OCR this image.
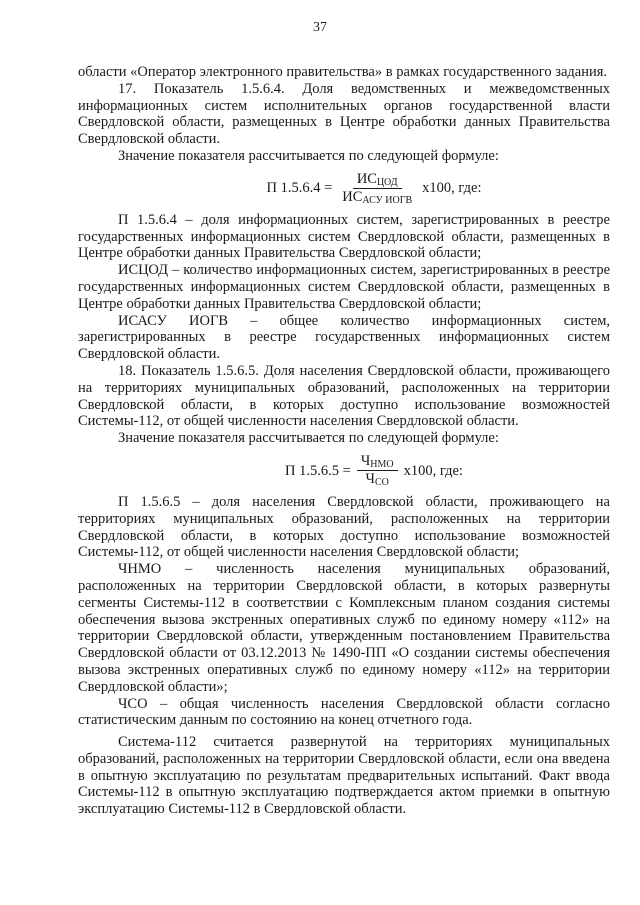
37

области «Оператор электронного правительства» в рамках государственного задания.

17. Показатель 1.5.6.4. Доля ведомственных и межведомственных информационных систем исполнительных органов государственной власти Свердловской области, размещенных в Центре обработки данных Правительства Свердловской области.

Значение показателя рассчитывается по следующей формуле:

П $1.5.6.4 = \frac{ИС_{ЦОД}}{ИС_{АСУ ИОГВ}} x100$, где:

П 1.5.6.4 – доля информационных систем, зарегистрированных в реестре государственных информационных систем Свердловской области, размещенных в Центре обработки данных Правительства Свердловской области;

ИСЦОД – количество информационных систем, зарегистрированных в реестре государственных информационных систем Свердловской области, размещенных в Центре обработки данных Правительства Свердловской области;

ИСАСУ ИОГВ – общее количество информационных систем, зарегистрированных в реестре государственных информационных систем Свердловской области.

18. Показатель 1.5.6.5. Доля населения Свердловской области, проживающего на территориях муниципальных образований, расположенных на территории Свердловской области, в которых доступно использование возможностей Системы-112, от общей численности населения Свердловской области.

Значение показателя рассчитывается по следующей формуле:

П $1.5.6.5 = \frac{Ч_{НМО}}{Ч_{СО}} x100$, где:

П 1.5.6.5 – доля населения Свердловской области, проживающего на территориях муниципальных образований, расположенных на территории Свердловской области, в которых доступно использование возможностей Системы-112, от общей численности населения Свердловской области;

ЧНМО – численность населения муниципальных образований, расположенных на территории Свердловской области, в которых развернуты сегменты Системы-112 в соответствии с Комплексным планом создания системы обеспечения вызова экстренных оперативных служб по единому номеру «112» на территории Свердловской области, утвержденным постановлением Правительства Свердловской области от 03.12.2013 № 1490-ПП «О создании системы обеспечения вызова экстренных оперативных служб по единому номеру «112» на территории Свердловской области»;

ЧСО – общая численность населения Свердловской области согласно статистическим данным по состоянию на конец отчетного года.

Система-112 считается развернутой на территориях муниципальных образований, расположенных на территории Свердловской области, если она введена в опытную эксплуатацию по результатам предварительных испытаний. Факт ввода Системы-112 в опытную эксплуатацию подтверждается актом приемки в опытную эксплуатацию Системы-112 в Свердловской области.
